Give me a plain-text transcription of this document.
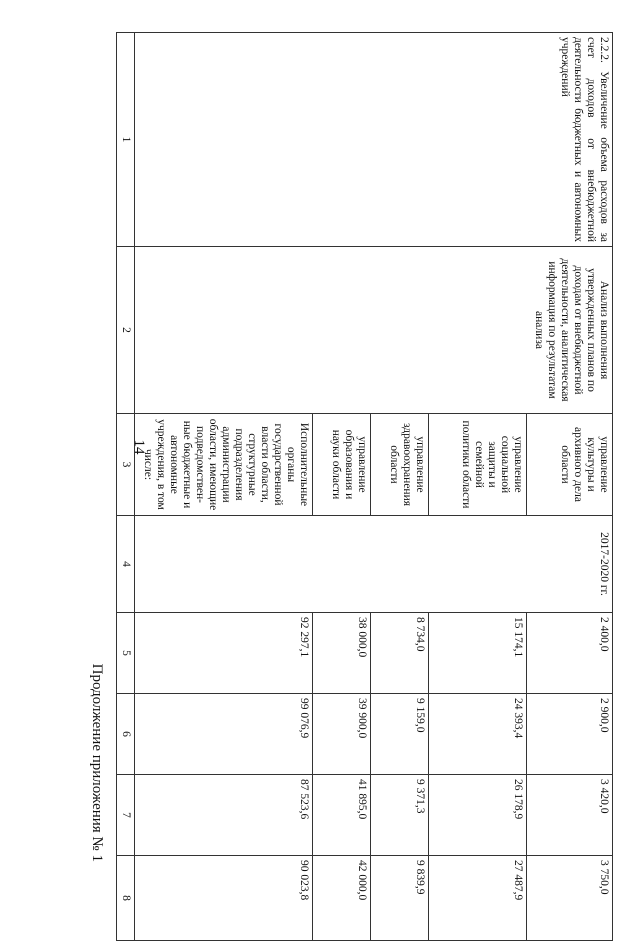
14
1	2	3	4	5	6	7	8
2.2.2. Увеличение объема расходов за счет доходов от внебюджетной деятельности бюджетных и автономных учреждений	Анализ выполнения утвержденных планов по доходам от внебюджетной деятельности, аналитическая информация по результатам анализа	Исполнительные органы государственной власти области, структурные подразделения администрации области, имеющие подведомствен-ные бюджетные и автономные учреждения, в том числе:	2017-2020 гг.	92 297,1	99 076,9	87 523,6	90 023,8
		управление образования и науки области		38 000,0	39 900,0	41 895,0	42 000,0
		управление здравоохранения области		8 734,0	9 159,0	9 371,3	9 839,9
		управление социальной защиты и семейной политики области		15 174,1	24 393,4	26 178,9	27 487,9
		управление культуры и архивного дела области		2 400,0	2 900,0	3 420,0	3 750,0
Продолжение приложения № 1
